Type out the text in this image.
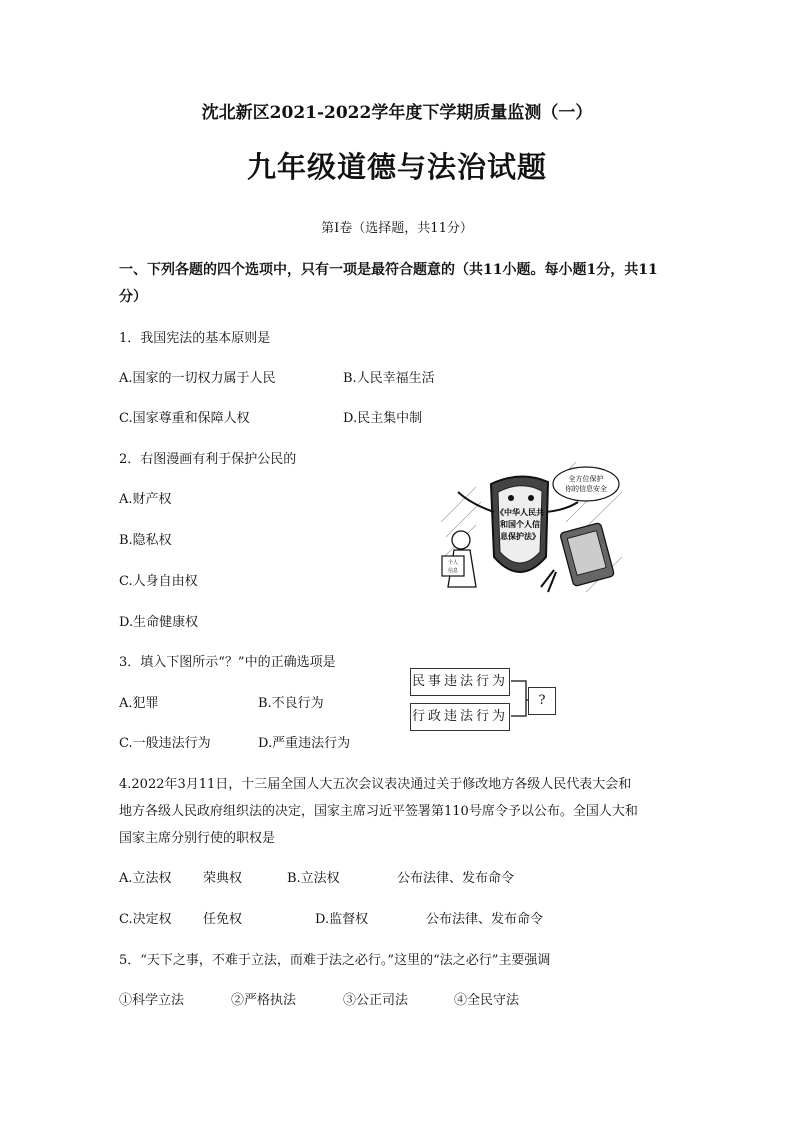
沈北新区2021-2022学年度下学期质量监测（一）
九年级道德与法治试题
第Ⅰ卷（选择题，共11分）
一、下列各题的四个选项中，只有一项是最符合题意的（共11小题。每小题1分，共11
分）
1．我国宪法的基本原则是
A.国家的一切权力属于人民	B.人民幸福生活
C.国家尊重和保障人权	D.民主集中制
2．右图漫画有利于保护公民的
A.财产权
B.隐私权
C.人身自由权
D.生命健康权
《中华人民共
和国个人信
息保护法》
全方位保护
你的信息安全
个人
信息
3．填入下图所示“？”中的正确选项是
A.犯罪	B.不良行为
C.一般违法行为	D.严重违法行为
民事违法行为
行政违法行为
?
4.2022年3月11日，十三届全国人大五次会议表决通过关于修改地方各级人民代表大会和
地方各级人民政府组织法的决定，国家主席习近平签署第110号席令予以公布。全国人大和
国家主席分别行使的职权是
A.立法权 荣典权	B.立法权	公布法律、发布命令
C.决定权 任免权	D.监督权	公布法律、发布命令
5．“天下之事，不难于立法，而难于法之必行。”这里的“法之必行”主要强调
①科学立法	②严格执法	③公正司法	④全民守法
